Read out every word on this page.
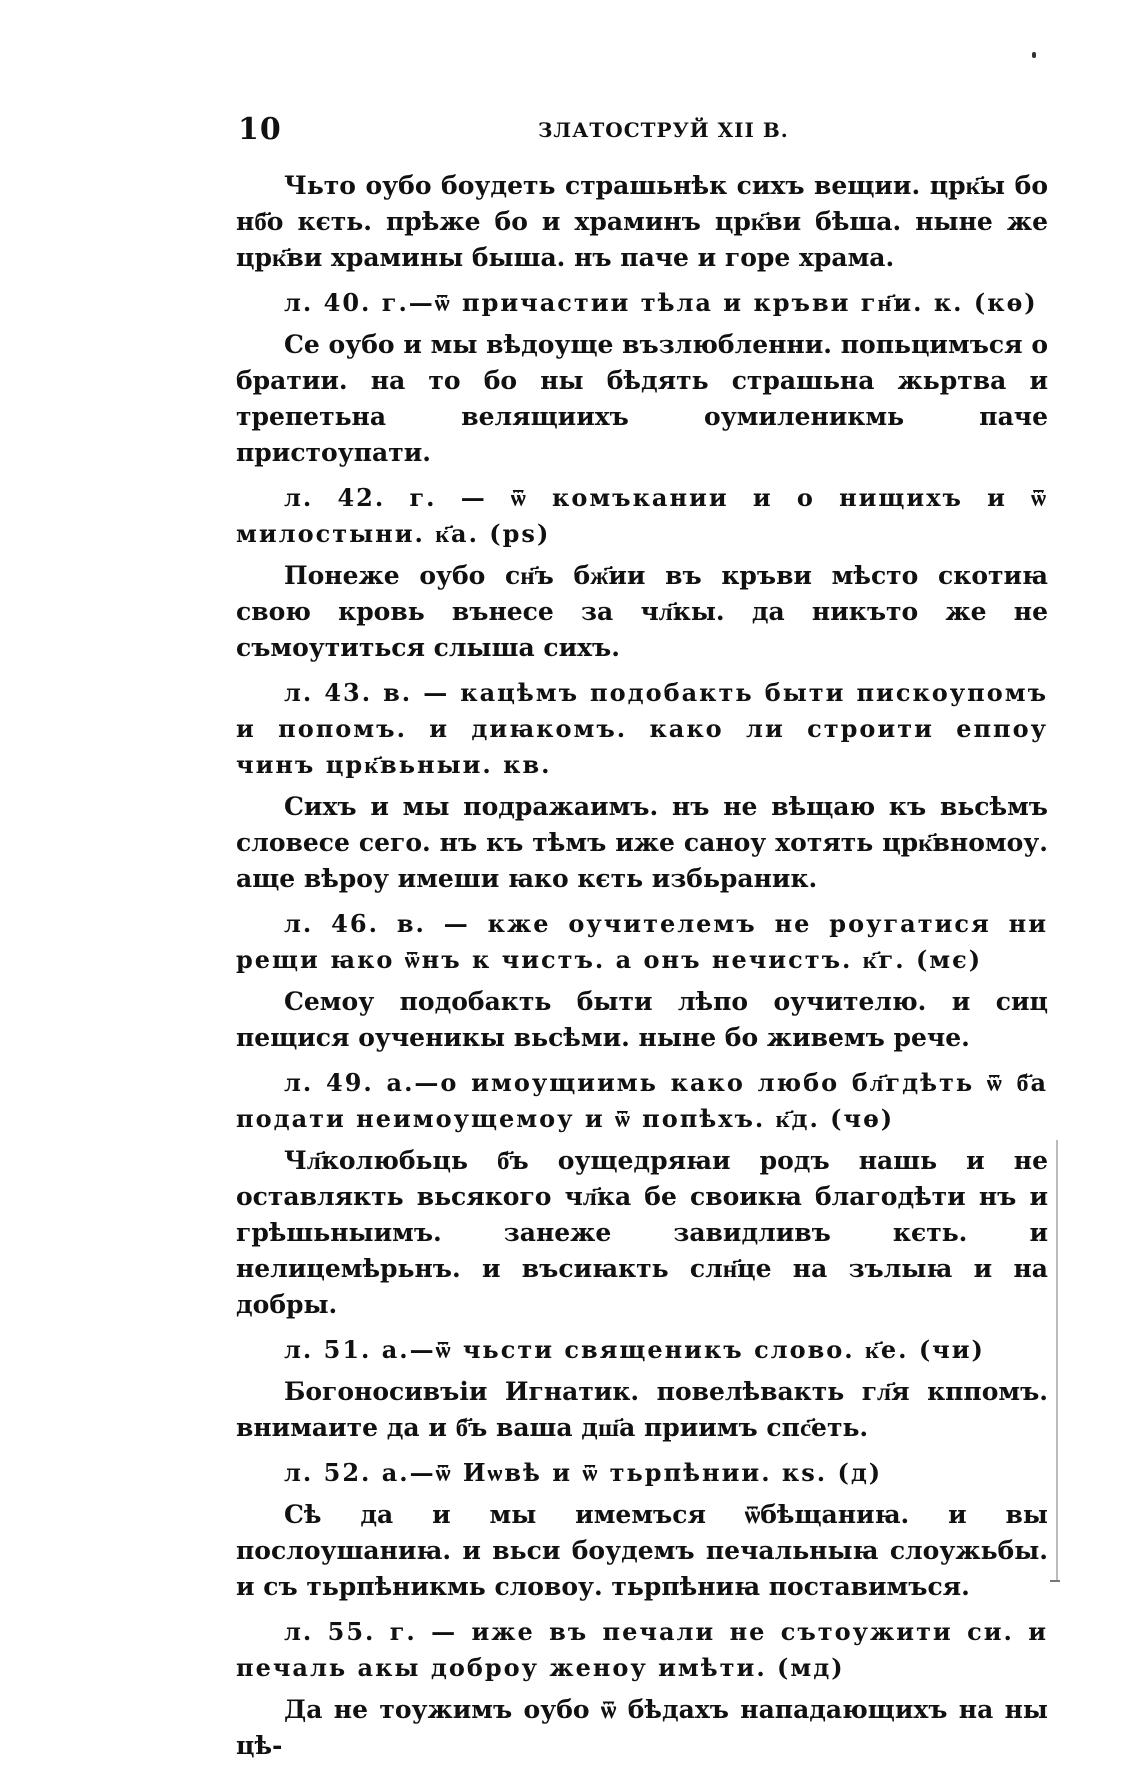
10	ЗЛАТОСТРУЙ XII В.

Чьто оубо боудеть страшьнѣк сихъ вещии. црк҃ы бо нб҃о кєть. прѣже бо и храминъ црк҃ви бѣша. нынe же црк҃ви храмины быша. нъ паче и горе храма.

л. 40. г.—ѿ причастии тѣла и кръви гн҃и. к. (кѳ)

Се оубо и мы вѣдоуще възлюбленни. попьцимъся о братии. на то бо ны бѣдять страшьна жьртва и трепетьна велящиихъ оумиленикмь паче приcтоупати.

л. 42. г. — ѿ комъкании и о нищихъ и ѿ милостыни. к҃а. (ps)

Понеже оубо сн҃ъ бж҃ии въ кръви мѣсто скотиꙗ свою кровь вънесе за чл҃кы. да никъто же не съмоутиться слыша сихъ.

л. 43. в. — кацѣмъ подобакть быти пискоупомъ и попомъ. и диꙗкомъ. како ли строити еппоу чинъ црк҃вьныи. кв.

Сихъ и мы подражаимъ. нъ не вѣщаю къ вьсѣмъ словесе сего. нъ къ тѣмъ иже саноу хотять црк҃вномоу. аще вѣроу имеши ꙗко кєть избьраник.

л. 46. в. — кже оучителемъ не роугатися ни рещи ꙗко ѿнъ к чистъ. а онъ нечистъ. к҃г. (мє)

Семоу подобакть быти лѣпо оучителю. и сиц пещися оученикы вьсѣми. ныне бо живемъ рече.

л. 49. а.—о имоущиимь како любо бл҃гдѣть ѿ б҃а подати неимоущемоу и ѿ попѣхъ. к҃д. (чѳ)

Чл҃колюбьць б҃ъ оущедряꙗи родъ нашь и не оставлякть вьсякого чл҃ка бе своикꙗ благодѣти нъ и грѣшьныимъ. занеже завидливъ кєть. и нелицемѣрьнъ. и въсиꙗкть слн҃це на зълыꙗ и на добры.

л. 51. а.—ѿ чьсти священикъ слово. к҃е. (чи)

Богоносивъіи Игнатик. повелѣвакть гл҃я кппомъ. внимаите да и б҃ъ ваша дш҃а приимъ спс҃еть.

л. 52. а.—ѿ Иѡвѣ и ѿ тьрпѣнии. кs. (д)

Сѣ да и мы имемъся ѿбѣщаниꙗ. и вы послоушаниꙗ. и вьси боудемъ печальныꙗ слоужьбы. и съ тьрпѣникмь словоу. тьрпѣниꙗ поставимъся.

л. 55. г. — иже въ печали не сътоужити си. и печаль акы доброу женоу имѣти. (мд)

Да не тоужимъ оубо ѿ бѣдахъ нападающихъ на ны цѣ-
